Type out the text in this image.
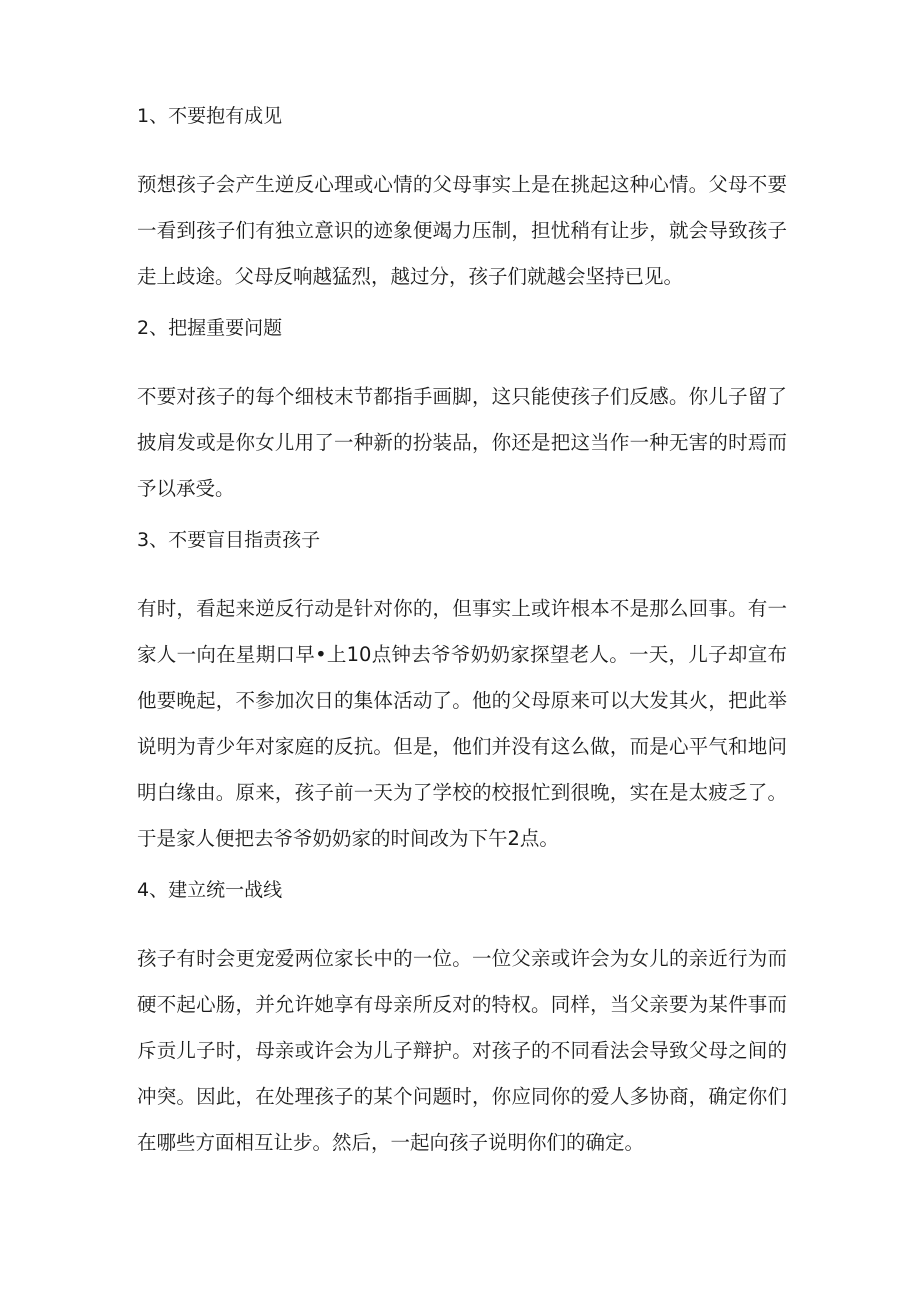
1、不要抱有成见

预想孩子会产生逆反心理或心情的父母事实上是在挑起这种心情。父母不要一看到孩子们有独立意识的迹象便竭力压制，担忧稍有让步，就会导致孩子走上歧途。父母反响越猛烈，越过分，孩子们就越会坚持已见。

2、把握重要问题

不要对孩子的每个细枝末节都指手画脚，这只能使孩子们反感。你儿子留了披肩发或是你女儿用了一种新的扮装品，你还是把这当作一种无害的时焉而予以承受。

3、不要盲目指责孩子

有时，看起来逆反行动是针对你的，但事实上或许根本不是那么回事。有一家人一向在星期口早•上10点钟去爷爷奶奶家探望老人。一天，儿子却宣布他要晚起，不参加次日的集体活动了。他的父母原来可以大发其火，把此举说明为青少年对家庭的反抗。但是，他们并没有这么做，而是心平气和地问明白缘由。原来，孩子前一天为了学校的校报忙到很晚，实在是太疲乏了。于是家人便把去爷爷奶奶家的时间改为下午2点。

4、建立统一战线

孩子有时会更宠爱两位家长中的一位。一位父亲或许会为女儿的亲近行为而硬不起心肠，并允许她享有母亲所反对的特权。同样，当父亲要为某件事而斥贡儿子时，母亲或许会为儿子辩护。对孩子的不同看法会导致父母之间的冲突。因此，在处理孩子的某个问题时，你应同你的爱人多协商，确定你们在哪些方面相互让步。然后，一起向孩子说明你们的确定。
